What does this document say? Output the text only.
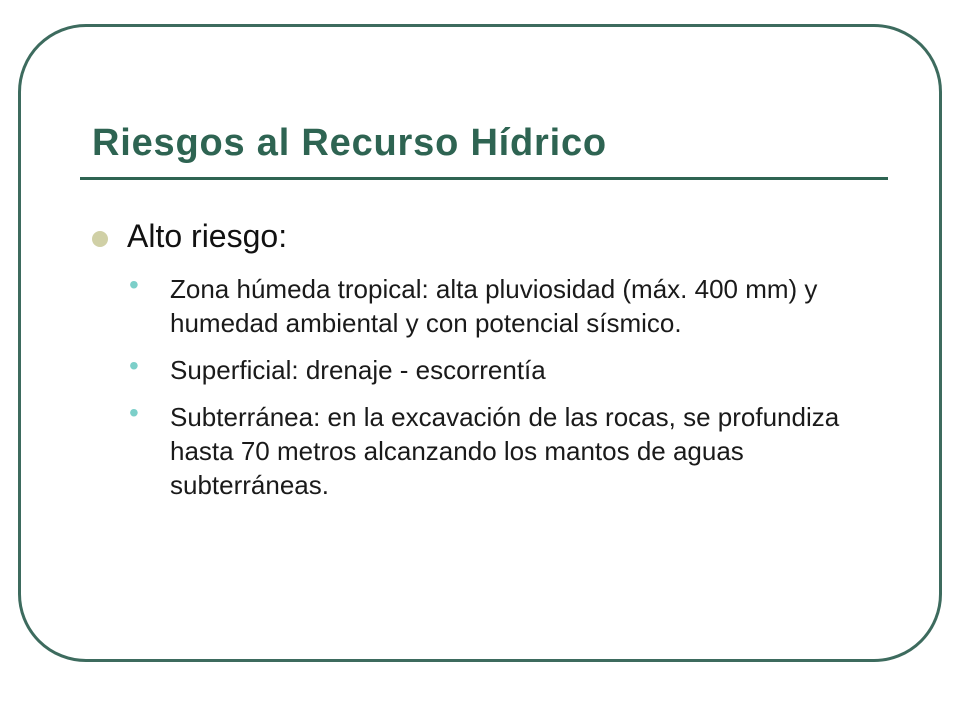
Riesgos al Recurso Hídrico
Alto riesgo:
• Zona húmeda tropical: alta pluviosidad (máx. 400 mm) y humedad ambiental y con potencial sísmico.
• Superficial: drenaje - escorrentía
• Subterránea: en la excavación de las rocas, se profundiza hasta 70 metros alcanzando los mantos de aguas subterráneas.
